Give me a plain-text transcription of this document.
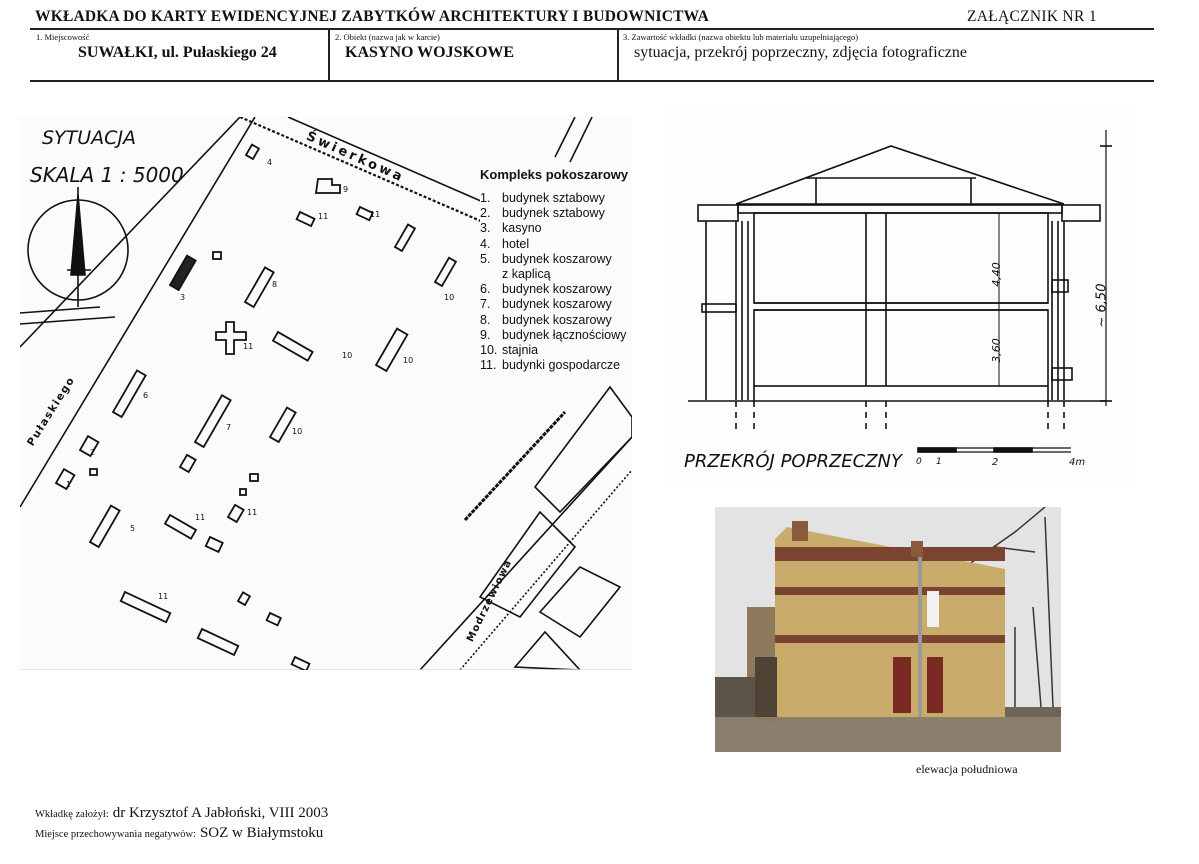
WKŁADKA DO KARTY EWIDENCYJNEJ ZABYTKÓW ARCHITEKTURY I BUDOWNICTWA	ZAŁĄCZNIK NR 1
1. Miejscowość
SUWAŁKI, ul. Pułaskiego 24
2. Obiekt (nazwa jak w karcie)
KASYNO WOJSKOWE
3. Zawartość wkładki (nazwa obiektu lub materiału uzupełniającego)
sytuacja, przekrój poprzeczny, zdjęcia fotograficzne
4
9
11	11
10
3
8
11
10
10
6
7	10
2
1
5
11
11
11
SYTUACJA
SKALA 1 : 5000	Świerkowa
Pułaskiego
Modrzewiowa
Kompleks pokoszarowy
1. budynek sztabowy
2. budynek sztabowy
3. kasyno
4. hotel
5. budynek koszarowy
z kaplicą
6. budynek koszarowy
7. budynek koszarowy
8. budynek koszarowy
9. budynek łącznościowy
10. stajnia
11. budynki gospodarcze
4,40
3,60
~ 6,50
PRZEKRÓJ POPRZECZNY 0 1	2	4m
elewacja południowa
Wkładkę założył: dr Krzysztof A Jabłoński, VIII 2003
Miejsce przechowywania negatywów: SOZ w Białymstoku
